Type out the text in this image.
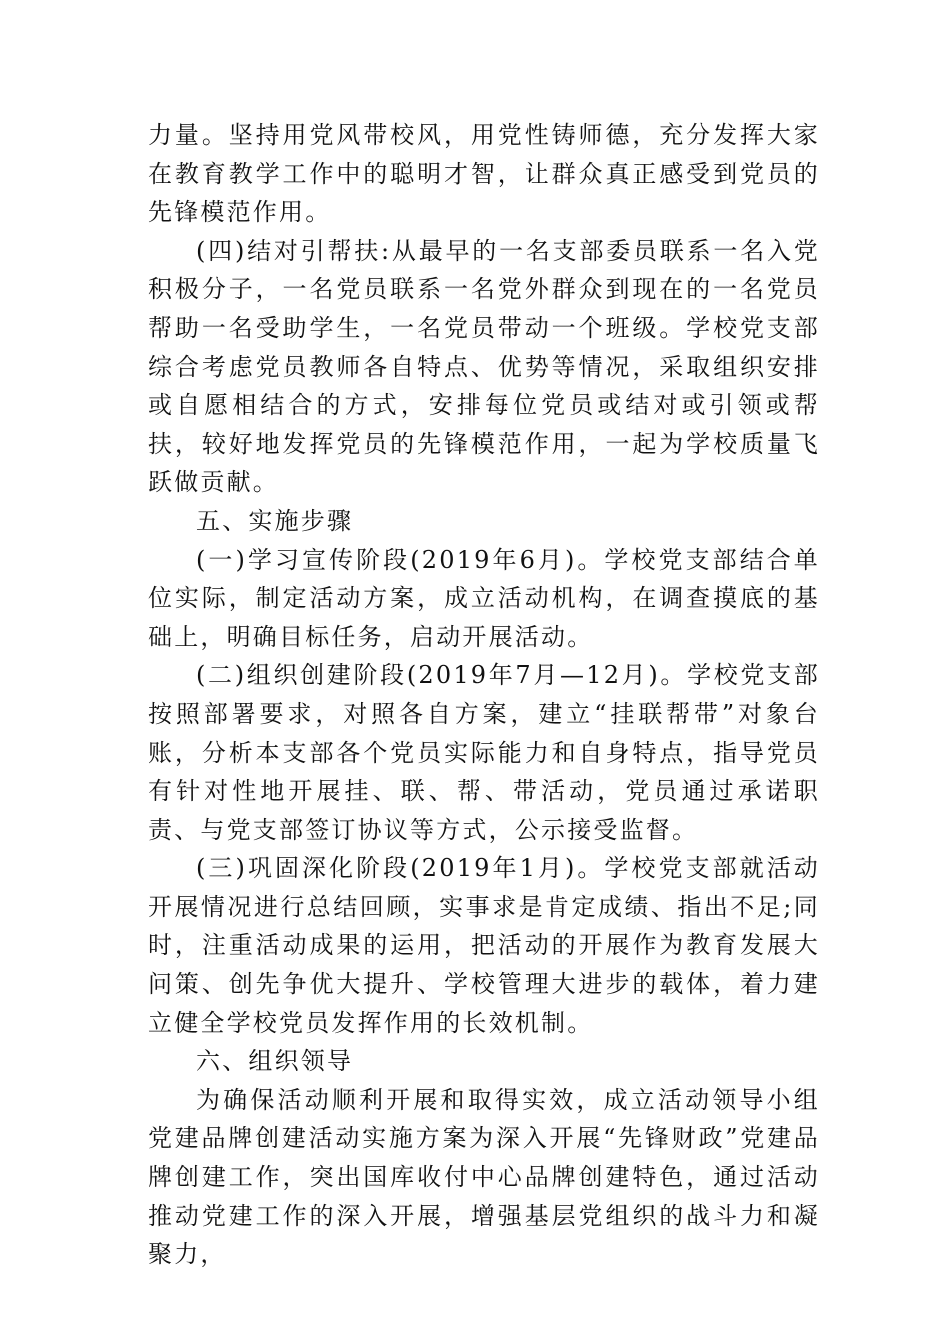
力量。坚持用党风带校风，用党性铸师德，充分发挥大家在教育教学工作中的聪明才智，让群众真正感受到党员的先锋模范作用。

(四)结对引帮扶:从最早的一名支部委员联系一名入党积极分子，一名党员联系一名党外群众到现在的一名党员帮助一名受助学生，一名党员带动一个班级。学校党支部综合考虑党员教师各自特点、优势等情况，采取组织安排或自愿相结合的方式，安排每位党员或结对或引领或帮扶，较好地发挥党员的先锋模范作用，一起为学校质量飞跃做贡献。

五、实施步骤

(一)学习宣传阶段(2019年6月)。学校党支部结合单位实际，制定活动方案，成立活动机构，在调查摸底的基础上，明确目标任务，启动开展活动。

(二)组织创建阶段(2019年7月—12月)。学校党支部按照部署要求，对照各自方案，建立“挂联帮带”对象台账，分析本支部各个党员实际能力和自身特点，指导党员有针对性地开展挂、联、帮、带活动，党员通过承诺职责、与党支部签订协议等方式，公示接受监督。

(三)巩固深化阶段(2019年1月)。学校党支部就活动开展情况进行总结回顾，实事求是肯定成绩、指出不足;同时，注重活动成果的运用，把活动的开展作为教育发展大问策、创先争优大提升、学校管理大进步的载体，着力建立健全学校党员发挥作用的长效机制。

六、组织领导

为确保活动顺利开展和取得实效，成立活动领导小组党建品牌创建活动实施方案为深入开展“先锋财政”党建品牌创建工作，突出国库收付中心品牌创建特色，通过活动推动党建工作的深入开展，增强基层党组织的战斗力和凝聚力，
